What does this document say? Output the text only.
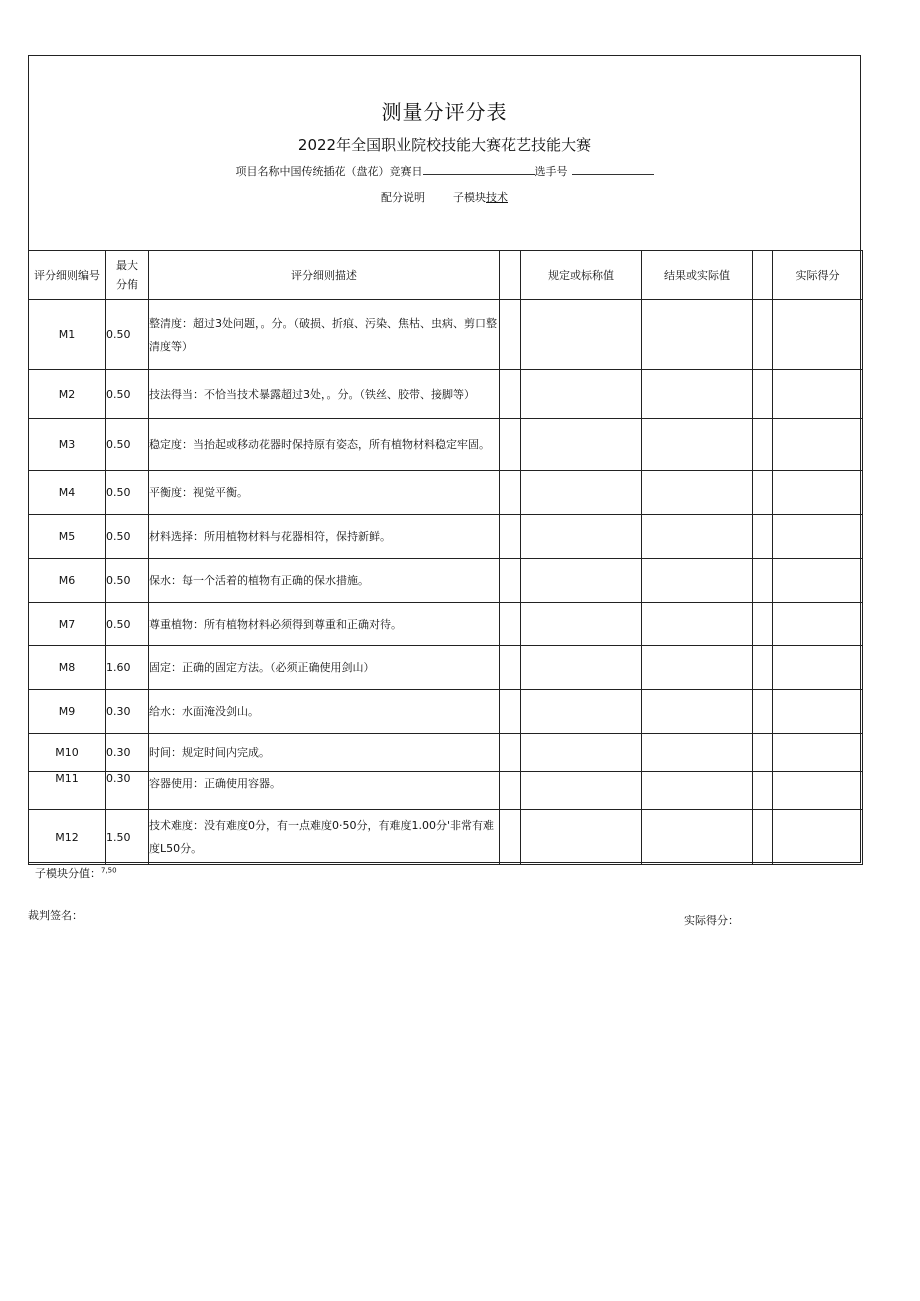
测量分评分表
2022年全国职业院校技能大赛花艺技能大赛
项目名称中国传统插花（盘花）竞赛日	选手号
配分说明	子模块技术
评分细则编号	最大
分侑	评分细则描述		规定或标称值	结果或实际值		实际得分
M1	0.50	整清度：超过3处问题，。分。（破损、折痕、污染、焦枯、虫病、剪口整清度等）					
M2	0.50	技法得当：不恰当技术暴露超过3处，。分。（铁丝、胶带、接脚等）					
M3	0.50	稳定度：当抬起或移动花器时保持原有姿态，所有植物材料稳定牢固。					
M4	0.50	平衡度：视觉平衡。					
M5	0.50	材料选择：所用植物材料与花器相符，保持新鲜。					
M6	0.50	保水：每一个活着的植物有正确的保水措施。					
M7	0.50	尊重植物：所有植物材料必须得到尊重和正确对待。					
M8	1.60	固定：正确的固定方法。（必须正确使用剑山）					
M9	0.30	给水：水面淹没剑山。					
M10	0.30	时间：规定时间内完成。					
M11	0.30	容器使用：正确使用容器。					
M12	1.50	技术难度：没有难度0分，有一点难度0·50分，有难度1.00分'非常有难度L50分。					
子模块分值：$^{7,50}$
裁判签名：	实际得分：
